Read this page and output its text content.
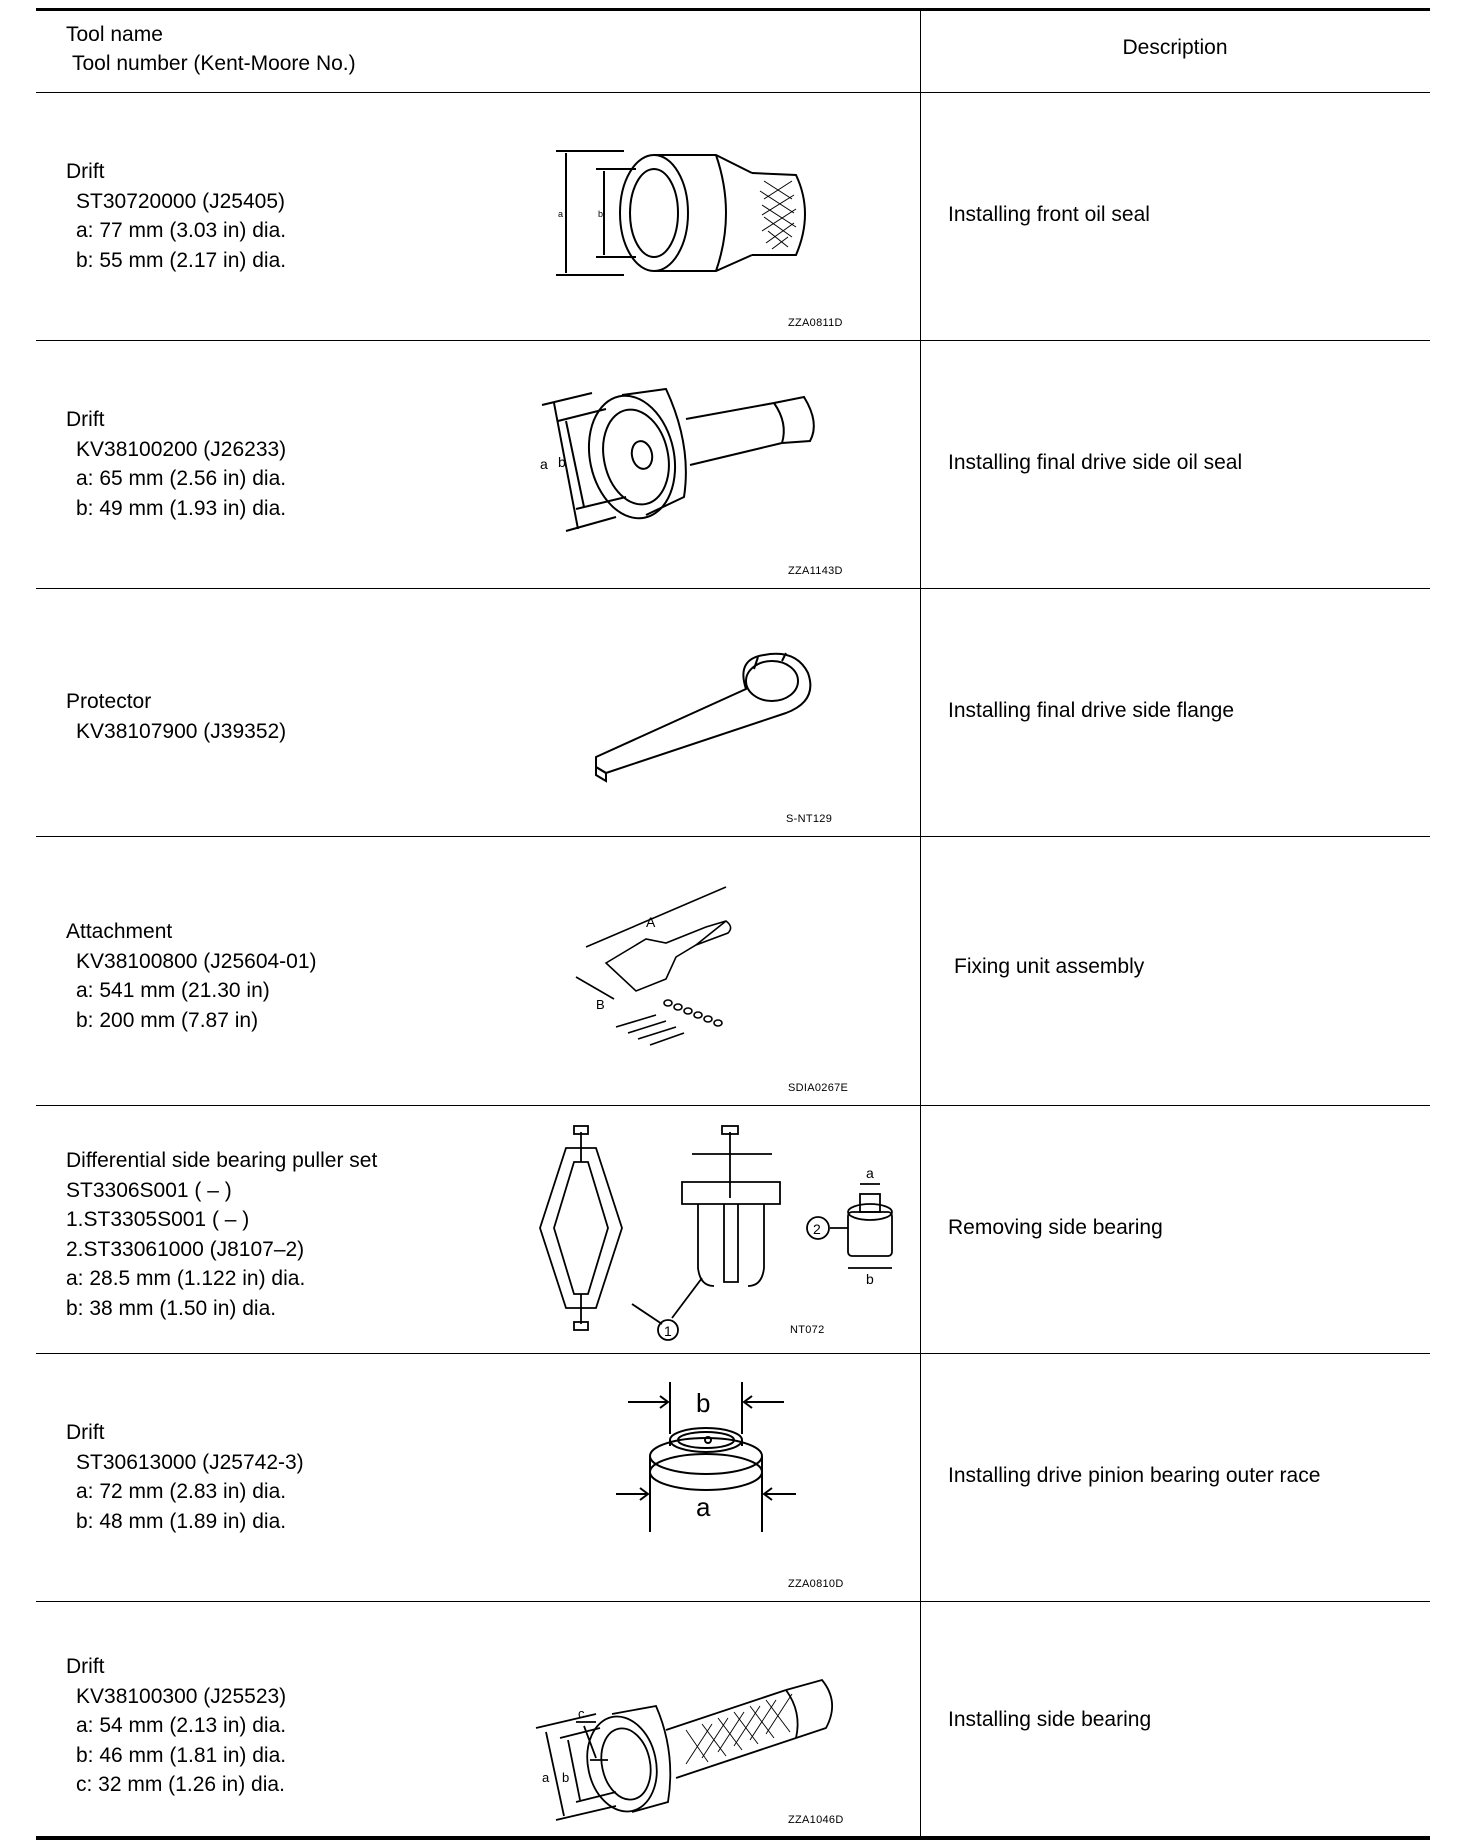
Tool name
Tool number (Kent-Moore No.)
Description
Drift
ST30720000 (J25405)
a: 77 mm (3.03 in) dia.
b: 55 mm (2.17 in) dia.
a	b
ZZA0811D
Installing front oil seal
Drift
KV38100200 (J26233)
a: 65 mm (2.56 in) dia.
b: 49 mm (1.93 in) dia.
a b
ZZA1143D
Installing final drive side oil seal
Protector
KV38107900 (J39352)
S-NT129
Installing final drive side flange
Attachment
KV38100800 (J25604-01)
a: 541 mm (21.30 in)
b: 200 mm (7.87 in)
A
B
SDIA0267E
Fixing unit assembly
Differential side bearing puller set
ST3306S001 ( – )
1.ST3305S001 ( – )
2.ST33061000 (J8107–2)
a: 28.5 mm (1.122 in) dia.
b: 38 mm (1.50 in) dia.
1
2
a
b
NT072
Removing side bearing
Drift
ST30613000 (J25742-3)
a: 72 mm (2.83 in) dia.
b: 48 mm (1.89 in) dia.
b
a
ZZA0810D
Installing drive pinion bearing outer race
Drift
KV38100300 (J25523)
a: 54 mm (2.13 in) dia.
b: 46 mm (1.81 in) dia.
c: 32 mm (1.26 in) dia.	a b
c
ZZA1046D
Installing side bearing
